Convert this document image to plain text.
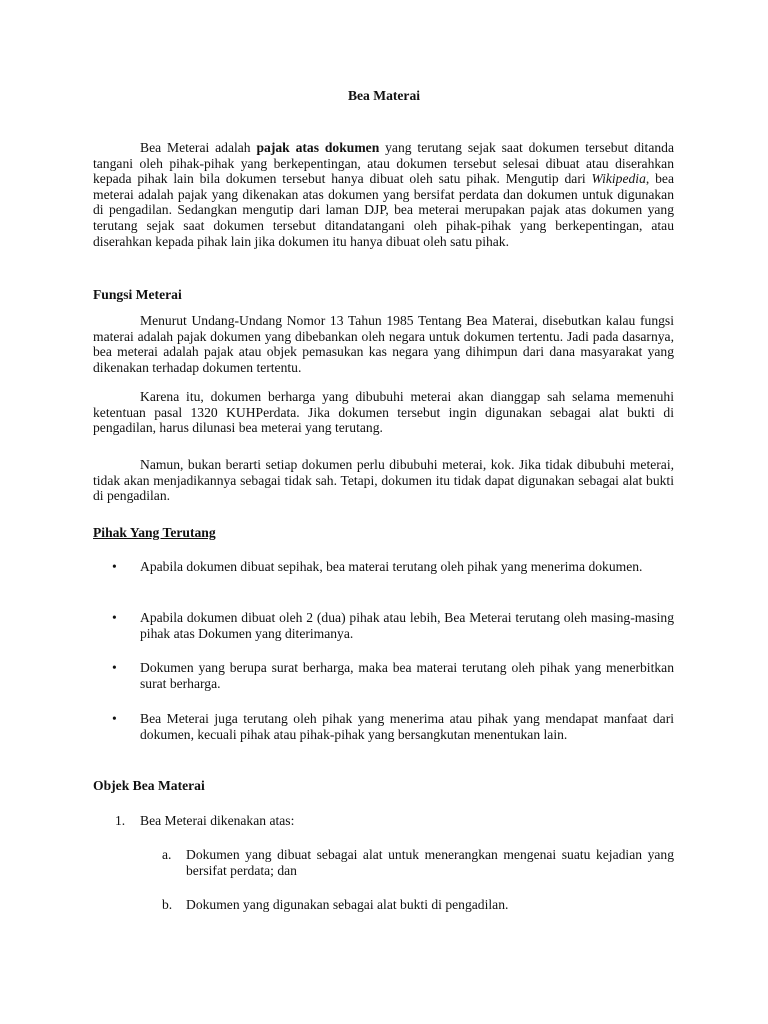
Bea Materai
Bea Meterai adalah pajak atas dokumen yang terutang sejak saat dokumen tersebut ditanda tangani oleh pihak-pihak yang berkepentingan, atau dokumen tersebut selesai dibuat atau diserahkan kepada pihak lain bila dokumen tersebut hanya dibuat oleh satu pihak. Mengutip dari Wikipedia, bea meterai adalah pajak yang dikenakan atas dokumen yang bersifat perdata dan dokumen untuk digunakan di pengadilan. Sedangkan mengutip dari laman DJP, bea meterai merupakan pajak atas dokumen yang terutang sejak saat dokumen tersebut ditandatangani oleh pihak-pihak yang berkepentingan, atau diserahkan kepada pihak lain jika dokumen itu hanya dibuat oleh satu pihak.
Fungsi Meterai
Menurut Undang-Undang Nomor 13 Tahun 1985 Tentang Bea Materai, disebutkan kalau fungsi materai adalah pajak dokumen yang dibebankan oleh negara untuk dokumen tertentu. Jadi pada dasarnya, bea meterai adalah pajak atau objek pemasukan kas negara yang dihimpun dari dana masyarakat yang dikenakan terhadap dokumen tertentu.
Karena itu, dokumen berharga yang dibubuhi meterai akan dianggap sah selama memenuhi ketentuan pasal 1320 KUHPerdata. Jika dokumen tersebut ingin digunakan sebagai alat bukti di pengadilan, harus dilunasi bea meterai yang terutang.
Namun, bukan berarti setiap dokumen perlu dibubuhi meterai, kok. Jika tidak dibubuhi meterai, tidak akan menjadikannya sebagai tidak sah. Tetapi, dokumen itu tidak dapat digunakan sebagai alat bukti di pengadilan.
Pihak Yang Terutang
• Apabila dokumen dibuat sepihak, bea materai terutang oleh pihak yang menerima dokumen.
• Apabila dokumen dibuat oleh 2 (dua) pihak atau lebih, Bea Meterai terutang oleh masing-masing pihak atas Dokumen yang diterimanya.
• Dokumen yang berupa surat berharga, maka bea materai terutang oleh pihak yang menerbitkan surat berharga.
• Bea Meterai juga terutang oleh pihak yang menerima atau pihak yang mendapat manfaat dari dokumen, kecuali pihak atau pihak-pihak yang bersangkutan menentukan lain.
Objek Bea Materai
1. Bea Meterai dikenakan atas:
a. Dokumen yang dibuat sebagai alat untuk menerangkan mengenai suatu kejadian yang bersifat perdata; dan
b. Dokumen yang digunakan sebagai alat bukti di pengadilan.
